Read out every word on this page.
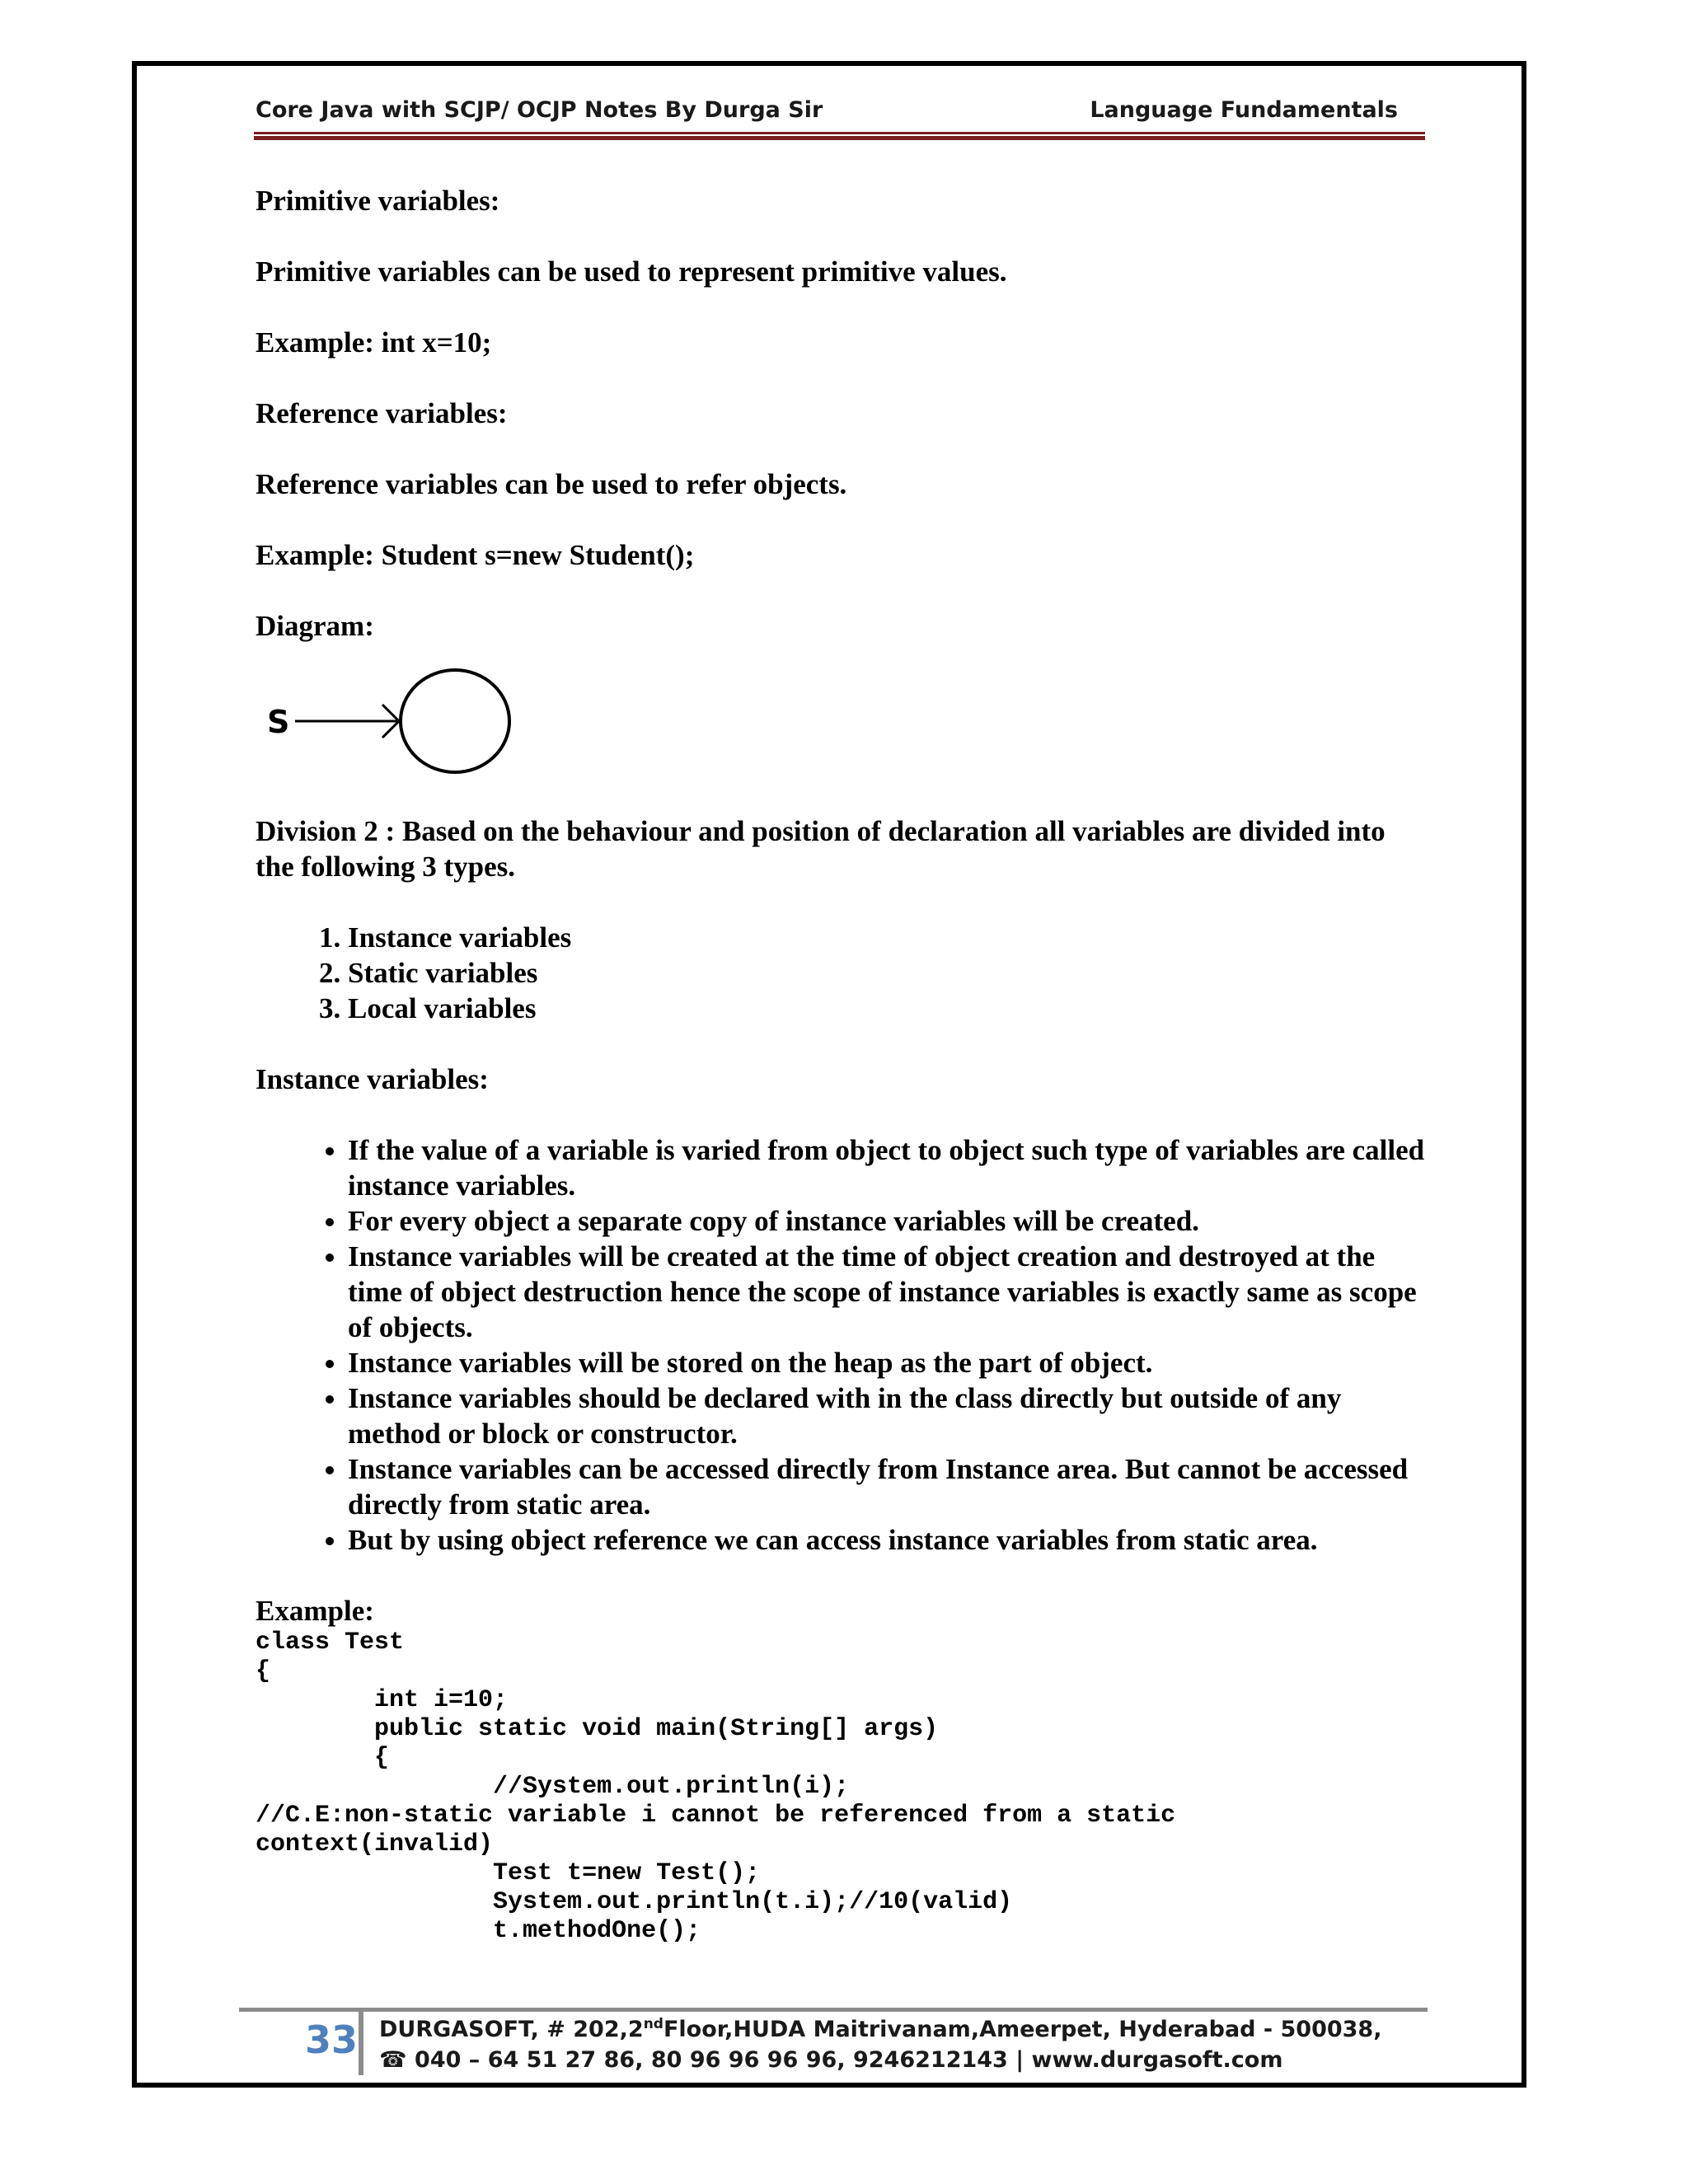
Core Java with SCJP/ OCJP Notes By Durga Sir	Language Fundamentals

Primitive variables:

Primitive variables can be used to represent primitive values.

Example: int x=10;

Reference variables:

Reference variables can be used to refer objects.

Example: Student s=new Student();

Diagram:

S

Division 2 : Based on the behaviour and position of declaration all variables are divided into the following 3 types.

1. Instance variables
2. Static variables
3. Local variables

Instance variables:

• If the value of a variable is varied from object to object such type of variables are called instance variables.
• For every object a separate copy of instance variables will be created.
• Instance variables will be created at the time of object creation and destroyed at the time of object destruction hence the scope of instance variables is exactly same as scope of objects.
• Instance variables will be stored on the heap as the part of object.
• Instance variables should be declared with in the class directly but outside of any method or block or constructor.
• Instance variables can be accessed directly from Instance area. But cannot be accessed directly from static area.
• But by using object reference we can access instance variables from static area.

Example:

class Test
{
int i=10;
public static void main(String[] args)
{
//System.out.println(i);
//C.E:non-static variable i cannot be referenced from a static
context(invalid)
Test t=new Test();
System.out.println(t.i);//10(valid)
t.methodOne();
33 DURGASOFT, # 202,2ndFloor,HUDA Maitrivanam,Ameerpet, Hyderabad - 500038,
☎ 040 – 64 51 27 86, 80 96 96 96 96, 9246212143 | www.durgasoft.com
